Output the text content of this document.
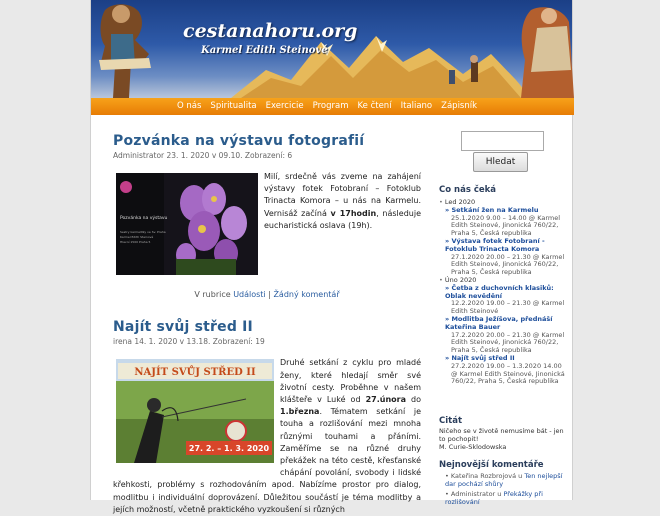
cestanahoru.org
Karmel Edith Steinové
O nás Spiritualita Exercicie Program Ke čtení Italiano Zápisník
Pozvánka na výstavu fotografií
Administrator 23. 1. 2020 v 09.10. Zobrazení: 6
Pozvánka na výstavu
Sestry karmelitky ve Sv. Praha
Karmel Edith Steinové
Hlavní 1500 Praha 5
Milí, srdečně vás zveme na zahájení výstavy fotek Fotobraní – Fotoklub Trinacta Komora – u nás na Karmelu. Vernisáž začíná v 17hodin, následuje eucharistická oslava (19h).
V rubrice Události | Žádný komentář
Najít svůj střed II
irena 14. 1. 2020 v 13.18. Zobrazení: 19
NAJÍT SVŮJ STŘED II
27. 2. – 1. 3. 2020
Druhé setkání z cyklu pro mladé ženy, které hledají směr své životní cesty. Proběhne v našem klášteře v Luké od 27.února do 1.března. Tématem setkání je touha a rozlišování mezi mnoha různými touhami a přáními. Zaměříme se na různé druhy překážek na této cestě, křesťanské chápání povolání, svobody i lidské křehkosti, problémy s rozhodováním apod. Nabízíme prostor pro dialog, modlitbu i individuální doprovázení. Důležitou součástí je téma modlitby a jejích možností, včetně praktického vyzkoušení si různých
Hledat
Co nás čeká
• Led 2020
» Setkání žen na Karmelu
25.1.2020 9.00 – 14.00 @ Karmel Edith Steinové, Jinonická 760/22, Praha 5, Česká republika
» Výstava fotek Fotobraní - Fotoklub Trinacta Komora
27.1.2020 20.00 – 21.30 @ Karmel Edith Steinové, Jinonická 760/22, Praha 5, Česká republika
• Úno 2020
» Četba z duchovních klasiků: Oblak nevědění
12.2.2020 19.00 – 21.30 @ Karmel Edith Steinové
» Modlitba Ježíšova, přednáší Kateřina Bauer
17.2.2020 20.00 – 21.30 @ Karmel Edith Steinové, Jinonická 760/22, Praha 5, Česká republika
» Najít svůj střed II
27.2.2020 19.00 – 1.3.2020 14.00 @ Karmel Edith Steinové, Jinonická 760/22, Praha 5, Česká republika
Citát
Ničeho se v životě nemusíme bát - jen to pochopit!
M. Curie-Sklodowska
Nejnovější komentáře
• Kateřina Rozbrojová u Ten nejlepší dar pochází shůry
• Administrator u Překážky při rozlišování
